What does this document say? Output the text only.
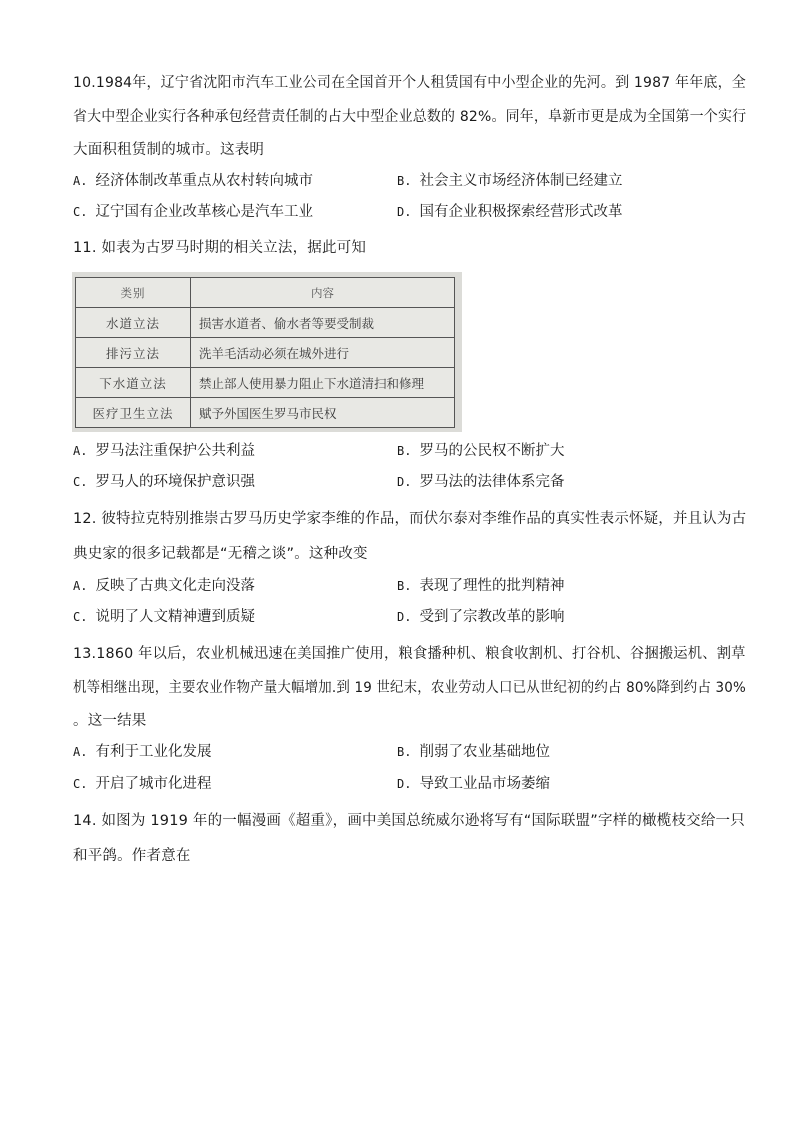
10.1984年，辽宁省沈阳市汽车工业公司在全国首开个人租赁国有中小型企业的先河。到 1987 年年底，全
省大中型企业实行各种承包经营责任制的占大中型企业总数的 82%。同年，阜新市更是成为全国第一个实行
大面积租赁制的城市。这表明
A. 经济体制改革重点从农村转向城市	B. 社会主义市场经济体制已经建立
C. 辽宁国有企业改革核心是汽车工业	D. 国有企业积极探索经营形式改革
11. 如表为古罗马时期的相关立法，据此可知
类别	内容
水道立法	损害水道者、偷水者等要受制裁
排污立法	洗羊毛活动必须在城外进行
下水道立法	禁止部人使用暴力阻止下水道清扫和修理
医疗卫生立法	赋予外国医生罗马市民权
A. 罗马法注重保护公共利益	B. 罗马的公民权不断扩大
C. 罗马人的环境保护意识强	D. 罗马法的法律体系完备
12. 彼特拉克特别推崇古罗马历史学家李维的作品，而伏尔泰对李维作品的真实性表示怀疑，并且认为古
典史家的很多记载都是“无稽之谈”。这种改变
A. 反映了古典文化走向没落	B. 表现了理性的批判精神
C. 说明了人文精神遭到质疑	D. 受到了宗教改革的影响
13.1860 年以后，农业机械迅速在美国推广使用，粮食播种机、粮食收割机、打谷机、谷捆搬运机、割草
机等相继出现，主要农业作物产量大幅增加.到 19 世纪末，农业劳动人口已从世纪初的约占 80%降到约占 30%
。这一结果
A. 有利于工业化发展	B. 削弱了农业基础地位
C. 开启了城市化进程	D. 导致工业品市场萎缩
14. 如图为 1919 年的一幅漫画《超重》，画中美国总统威尔逊将写有“国际联盟”字样的橄榄枝交给一只
和平鸽。作者意在
